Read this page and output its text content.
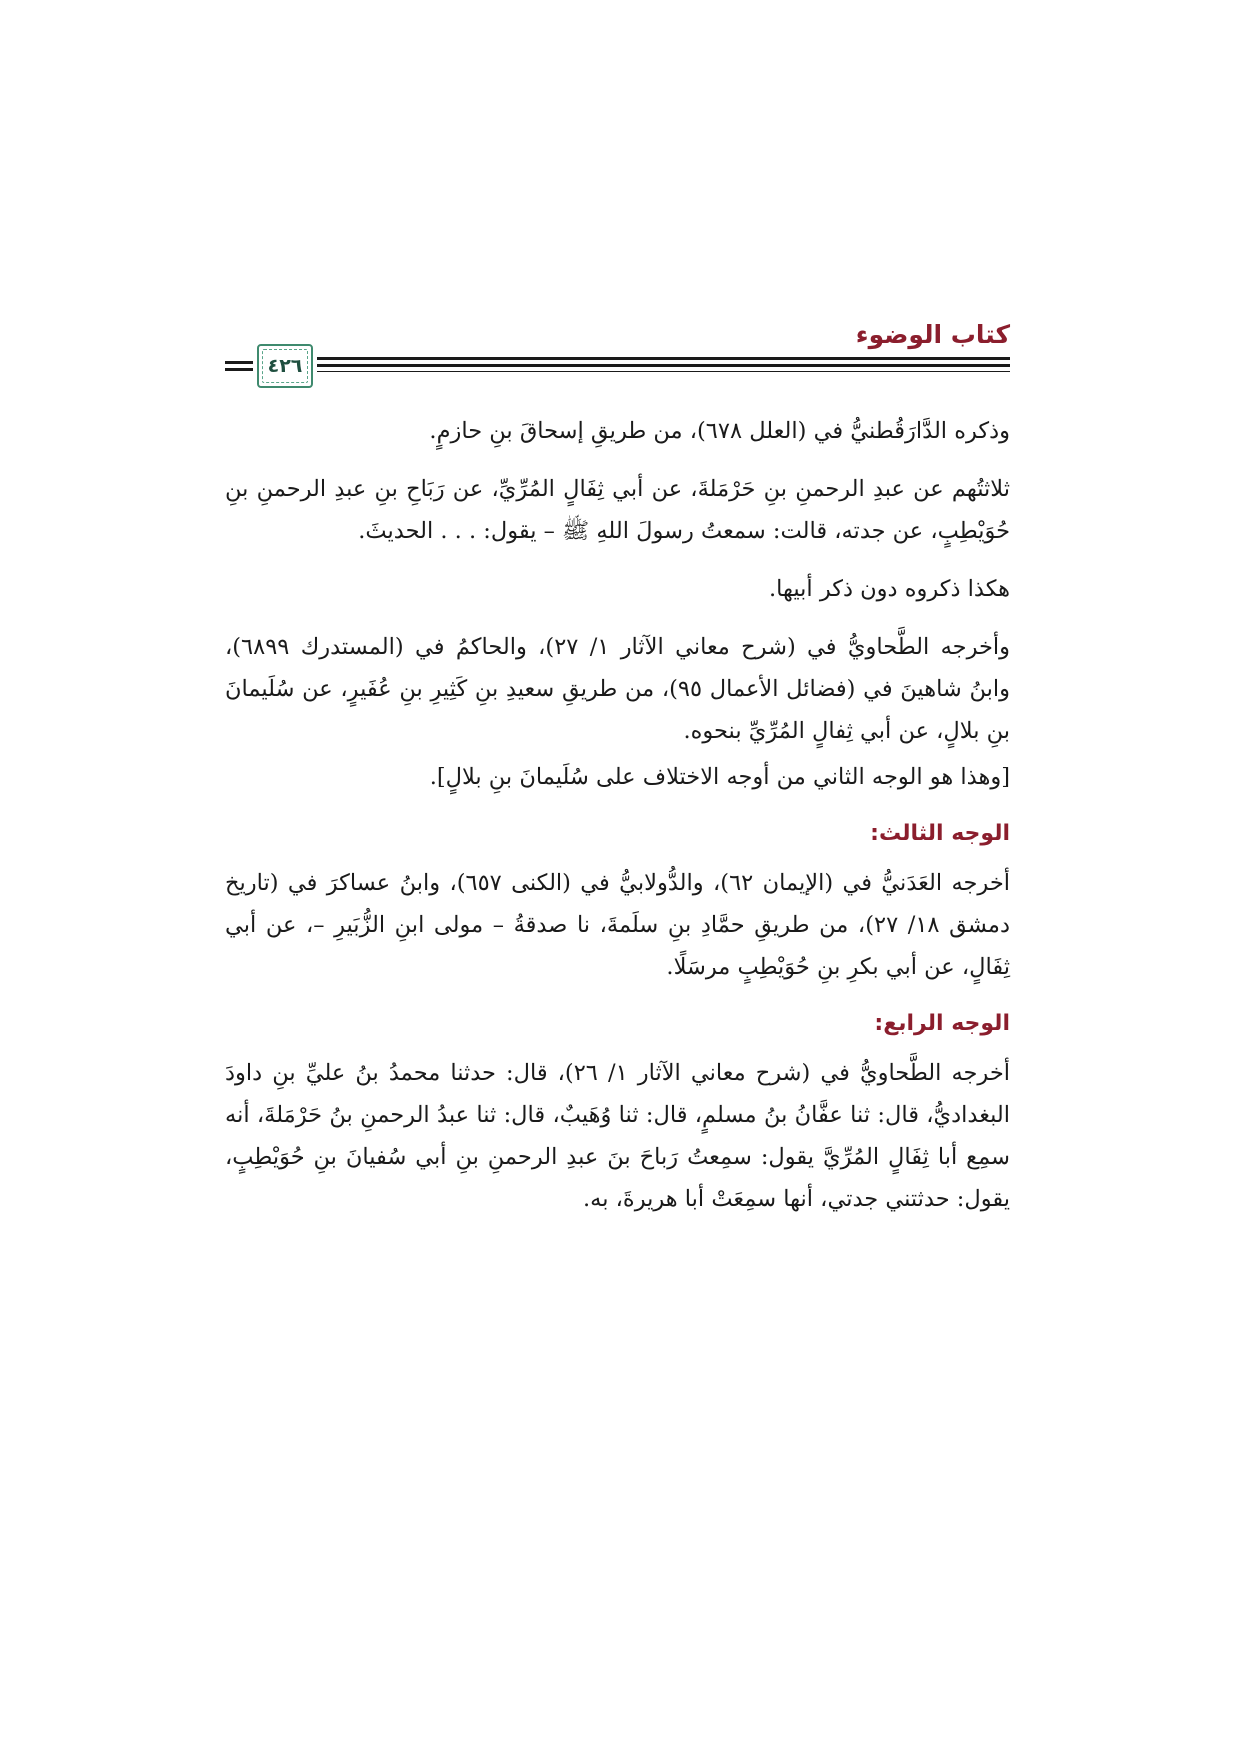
كتاب الوضوء
٤٢٦

وذكره الدَّارَقُطنيُّ في (العلل ٦٧٨)، من طريقِ إسحاقَ بنِ حازمٍ.

ثلاثتُهم عن عبدِ الرحمنِ بنِ حَرْمَلةَ، عن أبي ثِفَالٍ المُرِّيِّ، عن رَبَاحِ بنِ عبدِ الرحمنِ بنِ حُوَيْطِبٍ، عن جدته، قالت: سمعتُ رسولَ اللهِ ﷺ – يقول: . . . الحديثَ.

هكذا ذكروه دون ذكر أبيها.

وأخرجه الطَّحاويُّ في (شرح معاني الآثار ١/ ٢٧)، والحاكمُ في (المستدرك ٦٨٩٩)، وابنُ شاهينَ في (فضائل الأعمال ٩٥)، من طريقِ سعيدِ بنِ كَثِيرِ بنِ عُفَيرٍ، عن سُلَيمانَ بنِ بلالٍ، عن أبي ثِفالٍ المُرِّيِّ بنحوه.

[وهذا هو الوجه الثاني من أوجه الاختلاف على سُلَيمانَ بنِ بلالٍ].

الوجه الثالث:

أخرجه العَدَنيُّ في (الإيمان ٦٢)، والدُّولابيُّ في (الكنى ٦٥٧)، وابنُ عساكرَ في (تاريخ دمشق ١٨/ ٢٧)، من طريقِ حمَّادِ بنِ سلَمةَ، نا صدقةُ – مولى ابنِ الزُّبَيرِ –، عن أبي ثِفَالٍ، عن أبي بكرِ بنِ حُوَيْطِبٍ مرسَلًا.

الوجه الرابع:

أخرجه الطَّحاويُّ في (شرح معاني الآثار ١/ ٢٦)، قال: حدثنا محمدُ بنُ عليِّ بنِ داودَ البغداديُّ، قال: ثنا عفَّانُ بنُ مسلمٍ، قال: ثنا وُهَيبٌ، قال: ثنا عبدُ الرحمنِ بنُ حَرْمَلةَ، أنه سمِع أبا ثِفَالٍ المُرِّيَّ يقول: سمِعتُ رَباحَ بنَ عبدِ الرحمنِ بنِ أبي سُفيانَ بنِ حُوَيْطِبٍ، يقول: حدثتني جدتي، أنها سمِعَتْ أبا هريرةَ، به.
